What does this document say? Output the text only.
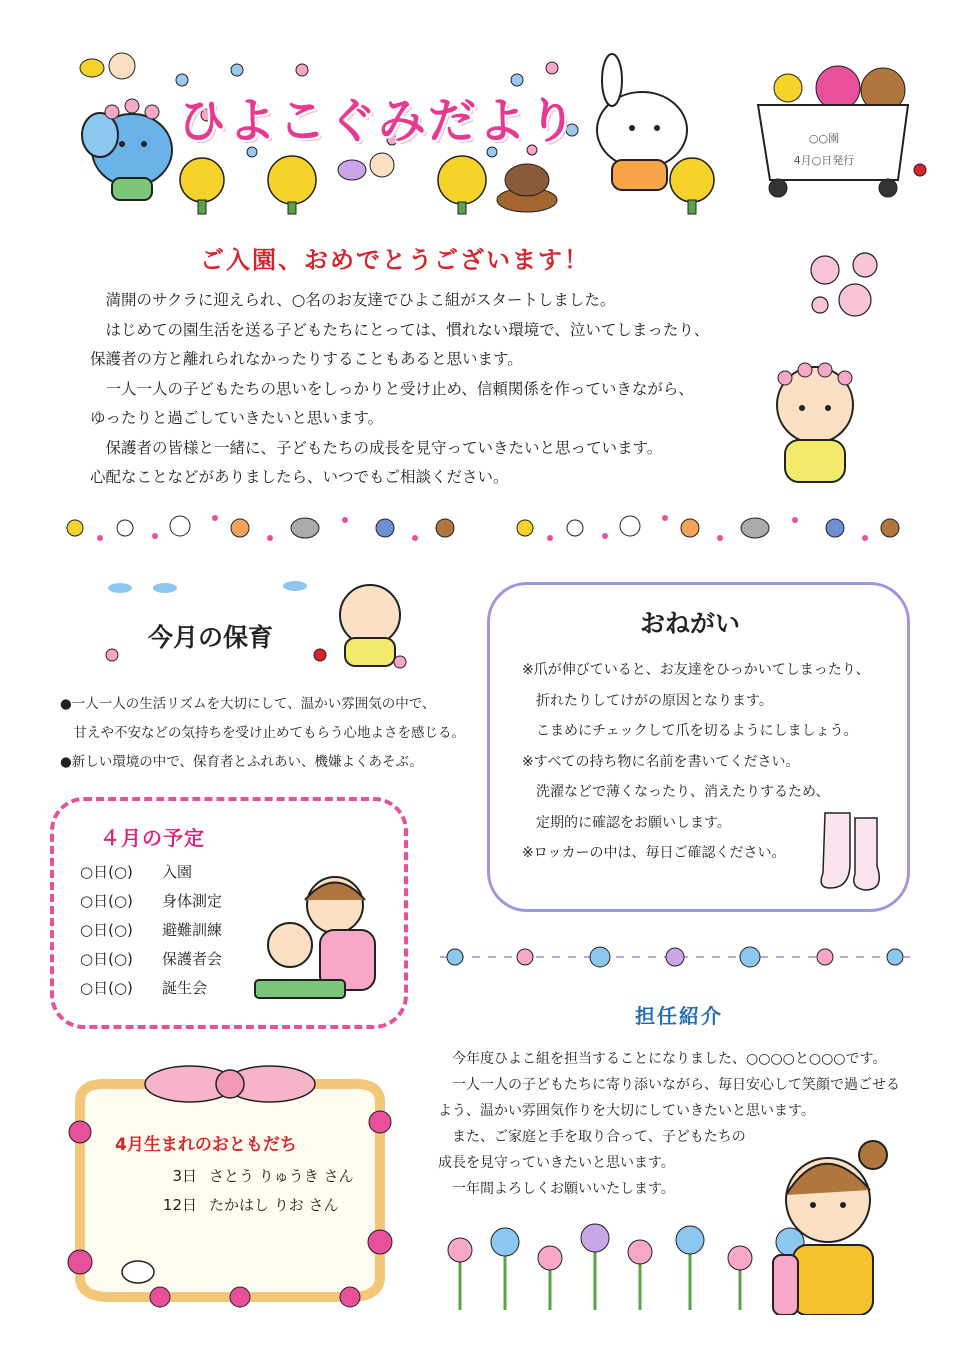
ひよこぐみだより	○○園
4月○日発行
ご入園、おめでとうございます！

　満開のサクラに迎えられ、○名のお友達でひよこ組がスタートしました。

　はじめての園生活を送る子どもたちにとっては、慣れない環境で、泣いてしまったり、

保護者の方と離れられなかったりすることもあると思います。

　一人一人の子どもたちの思いをしっかりと受け止め、信頼関係を作っていきながら、

ゆったりと過ごしていきたいと思います。

　保護者の皆様と一緒に、子どもたちの成長を見守っていきたいと思っています。

心配なことなどがありましたら、いつでもご相談ください。

今月の保育

●一人一人の生活リズムを大切にして、温かい雰囲気の中で、

　甘えや不安などの気持ちを受け止めてもらう心地よさを感じる。

●新しい環境の中で、保育者とふれあい、機嫌よくあそぶ。

４月の予定
○日(○) 入園
○日(○) 身体測定
○日(○) 避難訓練
○日(○) 保護者会
○日(○) 誕生会
おねがい

※爪が伸びていると、お友達をひっかいてしまったり、

　折れたりしてけがの原因となります。

　こまめにチェックして爪を切るようにしましょう。

※すべての持ち物に名前を書いてください。

　洗濯などで薄くなったり、消えたりするため、

　定期的に確認をお願いします。

※ロッカーの中は、毎日ご確認ください。

担任紹介

　今年度ひよこ組を担当することになりました、○○○○と○○○です。

　一人一人の子どもたちに寄り添いながら、毎日安心して笑顔で過ごせる

よう、温かい雰囲気作りを大切にしていきたいと思います。

　また、ご家庭と手を取り合って、子どもたちの

成長を見守っていきたいと思います。

　一年間よろしくお願いいたします。

4月生まれのおともだち
3日 さとう りゅうき さん
12日 たかはし りお さん
